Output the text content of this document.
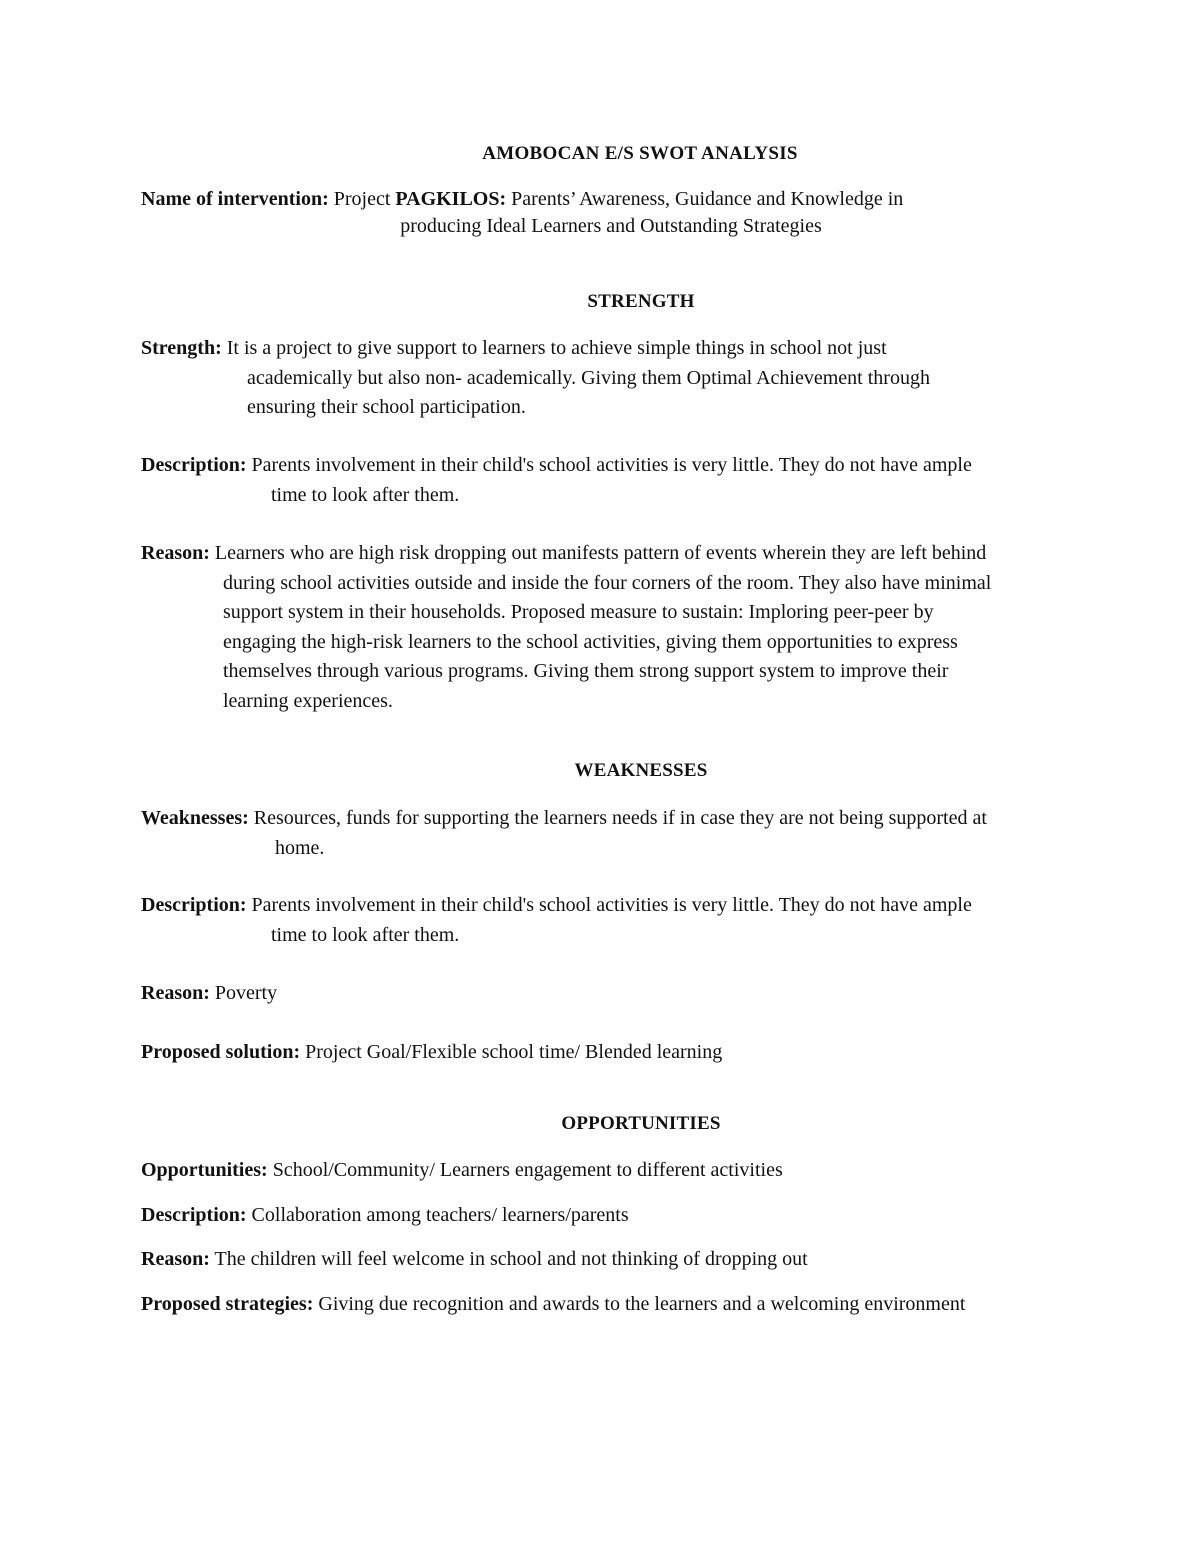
AMOBOCAN E/S SWOT ANALYSIS
Name of intervention: Project PAGKILOS: Parents’ Awareness, Guidance and Knowledge in
producing Ideal Learners and Outstanding Strategies
STRENGTH
Strength: It is a project to give support to learners to achieve simple things in school not just
academically but also non- academically. Giving them Optimal Achievement through
ensuring their school participation.
Description: Parents involvement in their child's school activities is very little. They do not have ample
time to look after them.
Reason: Learners who are high risk dropping out manifests pattern of events wherein they are left behind
during school activities outside and inside the four corners of the room. They also have minimal
support system in their households. Proposed measure to sustain: Imploring peer-peer by
engaging the high-risk learners to the school activities, giving them opportunities to express
themselves through various programs. Giving them strong support system to improve their
learning experiences.
WEAKNESSES
Weaknesses: Resources, funds for supporting the learners needs if in case they are not being supported at
home.
Description: Parents involvement in their child's school activities is very little. They do not have ample
time to look after them.
Reason: Poverty
Proposed solution: Project Goal/Flexible school time/ Blended learning
OPPORTUNITIES
Opportunities: School/Community/ Learners engagement to different activities
Description: Collaboration among teachers/ learners/parents
Reason: The children will feel welcome in school and not thinking of dropping out
Proposed strategies: Giving due recognition and awards to the learners and a welcoming environment
